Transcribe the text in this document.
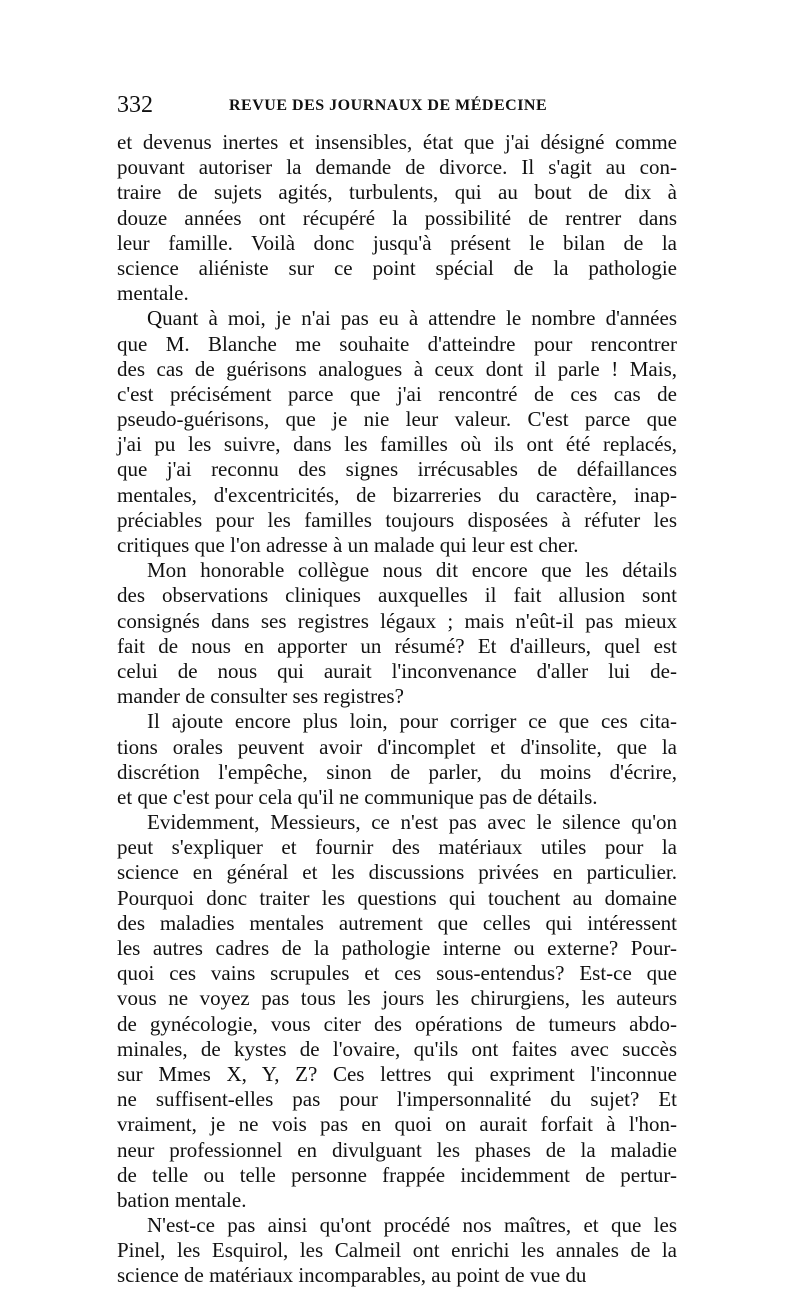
332	REVUE DES JOURNAUX DE MÉDECINE
et devenus inertes et insensibles, état que j'ai désigné comme
pouvant autoriser la demande de divorce. Il s'agit au con-
traire de sujets agités, turbulents, qui au bout de dix à
douze années ont récupéré la possibilité de rentrer dans
leur famille. Voilà donc jusqu'à présent le bilan de la
science aliéniste sur ce point spécial de la pathologie
mentale.
Quant à moi, je n'ai pas eu à attendre le nombre d'années
que M. Blanche me souhaite d'atteindre pour rencontrer
des cas de guérisons analogues à ceux dont il parle ! Mais,
c'est précisément parce que j'ai rencontré de ces cas de
pseudo-guérisons, que je nie leur valeur. C'est parce que
j'ai pu les suivre, dans les familles où ils ont été replacés,
que j'ai reconnu des signes irrécusables de défaillances
mentales, d'excentricités, de bizarreries du caractère, inap-
préciables pour les familles toujours disposées à réfuter les
critiques que l'on adresse à un malade qui leur est cher.
Mon honorable collègue nous dit encore que les détails
des observations cliniques auxquelles il fait allusion sont
consignés dans ses registres légaux ; mais n'eût-il pas mieux
fait de nous en apporter un résumé? Et d'ailleurs, quel est
celui de nous qui aurait l'inconvenance d'aller lui de-
mander de consulter ses registres?
Il ajoute encore plus loin, pour corriger ce que ces cita-
tions orales peuvent avoir d'incomplet et d'insolite, que la
discrétion l'empêche, sinon de parler, du moins d'écrire,
et que c'est pour cela qu'il ne communique pas de détails.
Evidemment, Messieurs, ce n'est pas avec le silence qu'on
peut s'expliquer et fournir des matériaux utiles pour la
science en général et les discussions privées en particulier.
Pourquoi donc traiter les questions qui touchent au domaine
des maladies mentales autrement que celles qui intéressent
les autres cadres de la pathologie interne ou externe? Pour-
quoi ces vains scrupules et ces sous-entendus? Est-ce que
vous ne voyez pas tous les jours les chirurgiens, les auteurs
de gynécologie, vous citer des opérations de tumeurs abdo-
minales, de kystes de l'ovaire, qu'ils ont faites avec succès
sur Mmes X, Y, Z? Ces lettres qui expriment l'inconnue
ne suffisent-elles pas pour l'impersonnalité du sujet? Et
vraiment, je ne vois pas en quoi on aurait forfait à l'hon-
neur professionnel en divulguant les phases de la maladie
de telle ou telle personne frappée incidemment de pertur-
bation mentale.
N'est-ce pas ainsi qu'ont procédé nos maîtres, et que les
Pinel, les Esquirol, les Calmeil ont enrichi les annales de la
science de matériaux incomparables, au point de vue du
